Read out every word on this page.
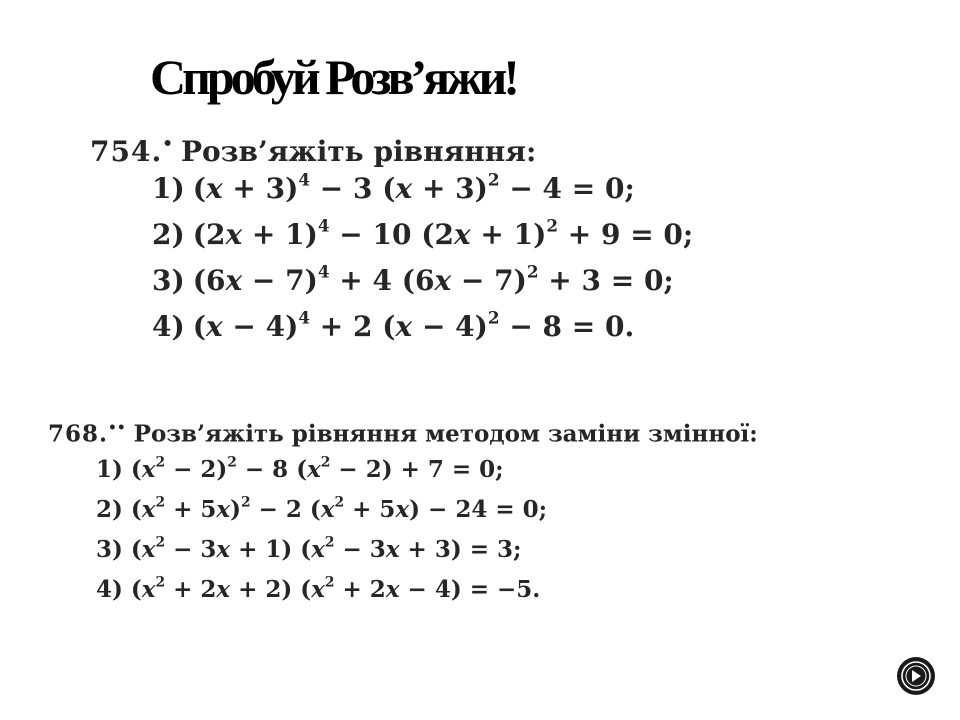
Спробуй Розв’яжи!
754.• Розв’яжіть рівняння:
1) $(x + 3)^4 - 3$ $(x + 3)^2 - 4 = 0$;
2) $(2x + 1)^4 - 10$ $(2x + 1)^2 + 9 = 0$;
3) $(6x - 7)^4 + 4$ $(6x - 7)^2 + 3 = 0$;
4) $(x - 4)^4 + 2$ $(x - 4)^2 - 8 = 0$.
768.•• Розв’яжіть рівняння методом заміни змінної:
1) $(x^2 - 2)^2 - 8$ $(x^2 - 2) + 7 = 0$;
2) $(x^2 + 5x)^2 - 2$ $(x^2 + 5x) - 24 = 0$;
3) $(x^2 - 3x + 1) (x^2 - 3x + 3) = 3$;
4) $(x^2 + 2x + 2) (x^2 + 2x - 4) = -5$.
